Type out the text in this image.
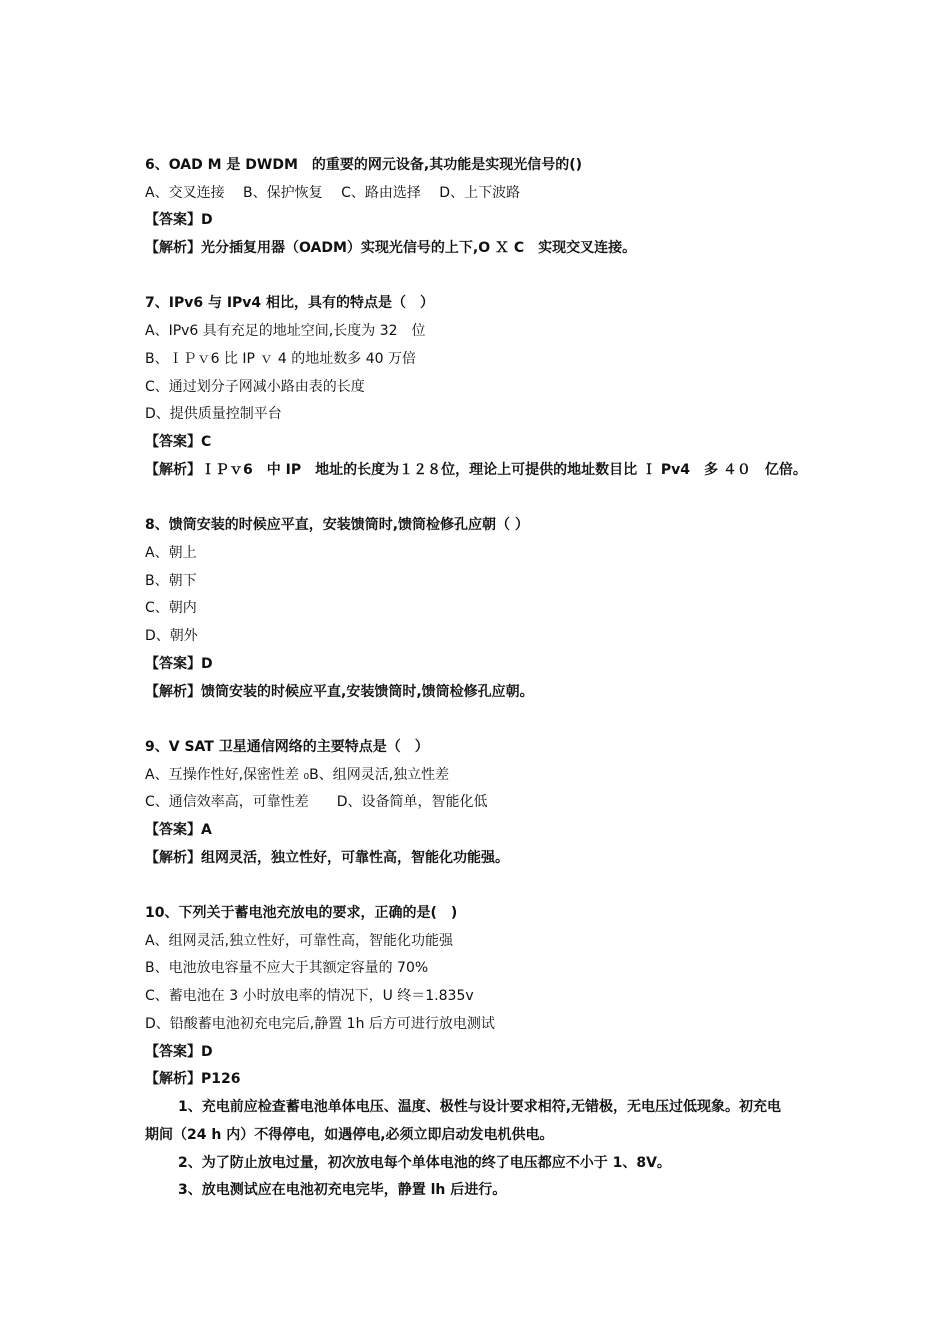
6、OAD M 是 DWDM　的重要的网元设备,其功能是实现光信号的()
A、交叉连接　 B、保护恢复　 C、路由选择　 D、上下波路
【答案】D
【解析】光分插复用器（OADM）实现光信号的上下,O Ｘ C　实现交叉连接。
7、IPv6 与 IPv4 相比，具有的特点是（　）
A、IPv6 具有充足的地址空间,长度为 32　位
B、ＩＰｖ6 比 IP ｖ 4 的地址数多 40 万倍
C、通过划分子网减小路由表的长度
D、提供质量控制平台
【答案】C
【解析】ＩＰｖ6　中 IP　地址的长度为１２８位，理论上可提供的地址数目比 Ｉ Pv4　多 ４０　亿倍。
8、馈筒安装的时候应平直，安装馈筒时,馈筒检修孔应朝（ ）
A、朝上
B、朝下
C、朝内
D、朝外
【答案】D
【解析】馈筒安装的时候应平直,安装馈筒时,馈筒检修孔应朝。
9、V SAT 卫星通信网络的主要特点是（　）
A、互操作性好,保密性差 ₀B、组网灵活,独立性差
C、通信效率高，可靠性差　　D、设备简单，智能化低
【答案】A
【解析】组网灵活，独立性好，可靠性高，智能化功能强。
10、下列关于蓄电池充放电的要求，正确的是(　)
A、组网灵活,独立性好，可靠性高，智能化功能强
B、电池放电容量不应大于其额定容量的 70%
C、蓄电池在 3 小时放电率的情况下，U 终＝1.835v
D、铅酸蓄电池初充电完后,静置 1h 后方可进行放电测试
【答案】D
【解析】P126
1、充电前应检查蓄电池单体电压、温度、极性与设计要求相符,无错极，无电压过低现象。初充电
期间（24 h 内）不得停电，如遇停电,必须立即启动发电机供电。
2、为了防止放电过量，初次放电每个单体电池的终了电压都应不小于 1、8V。
3、放电测试应在电池初充电完毕，静置 lh 后进行。
